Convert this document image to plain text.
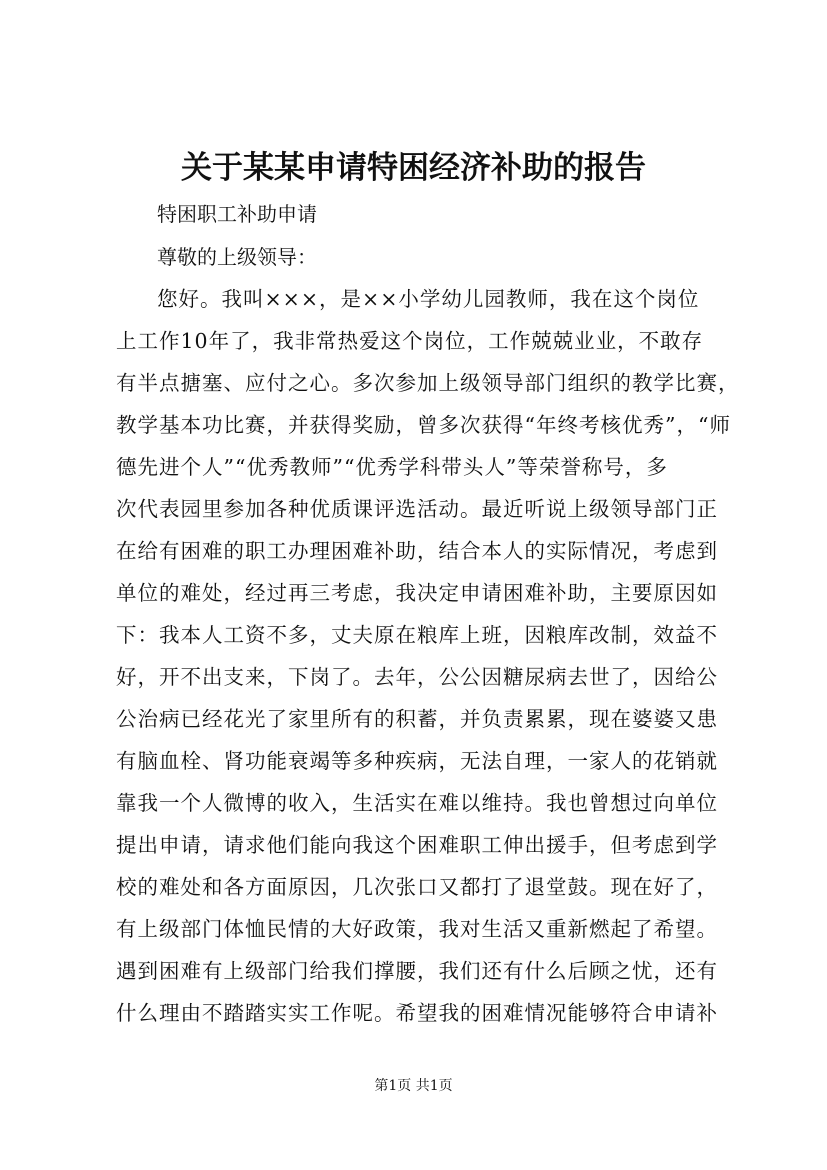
关于某某申请特困经济补助的报告
特困职工补助申请
尊敬的上级领导：
您好。我叫×××，是××小学幼儿园教师，我在这个岗位
上工作10年了，我非常热爱这个岗位，工作兢兢业业，不敢存
有半点搪塞、应付之心。多次参加上级领导部门组织的教学比赛，
教学基本功比赛，并获得奖励，曾多次获得“年终考核优秀”，“师
德先进个人”“优秀教师”“优秀学科带头人”等荣誉称号，多
次代表园里参加各种优质课评选活动。最近听说上级领导部门正
在给有困难的职工办理困难补助，结合本人的实际情况，考虑到
单位的难处，经过再三考虑，我决定申请困难补助，主要原因如
下：我本人工资不多，丈夫原在粮库上班，因粮库改制，效益不
好，开不出支来，下岗了。去年，公公因糖尿病去世了，因给公
公治病已经花光了家里所有的积蓄，并负责累累，现在婆婆又患
有脑血栓、肾功能衰竭等多种疾病，无法自理，一家人的花销就
靠我一个人微博的收入，生活实在难以维持。我也曾想过向单位
提出申请，请求他们能向我这个困难职工伸出援手，但考虑到学
校的难处和各方面原因，几次张口又都打了退堂鼓。现在好了，
有上级部门体恤民情的大好政策，我对生活又重新燃起了希望。
遇到困难有上级部门给我们撑腰，我们还有什么后顾之忧，还有
什么理由不踏踏实实工作呢。希望我的困难情况能够符合申请补
第1页 共1页
